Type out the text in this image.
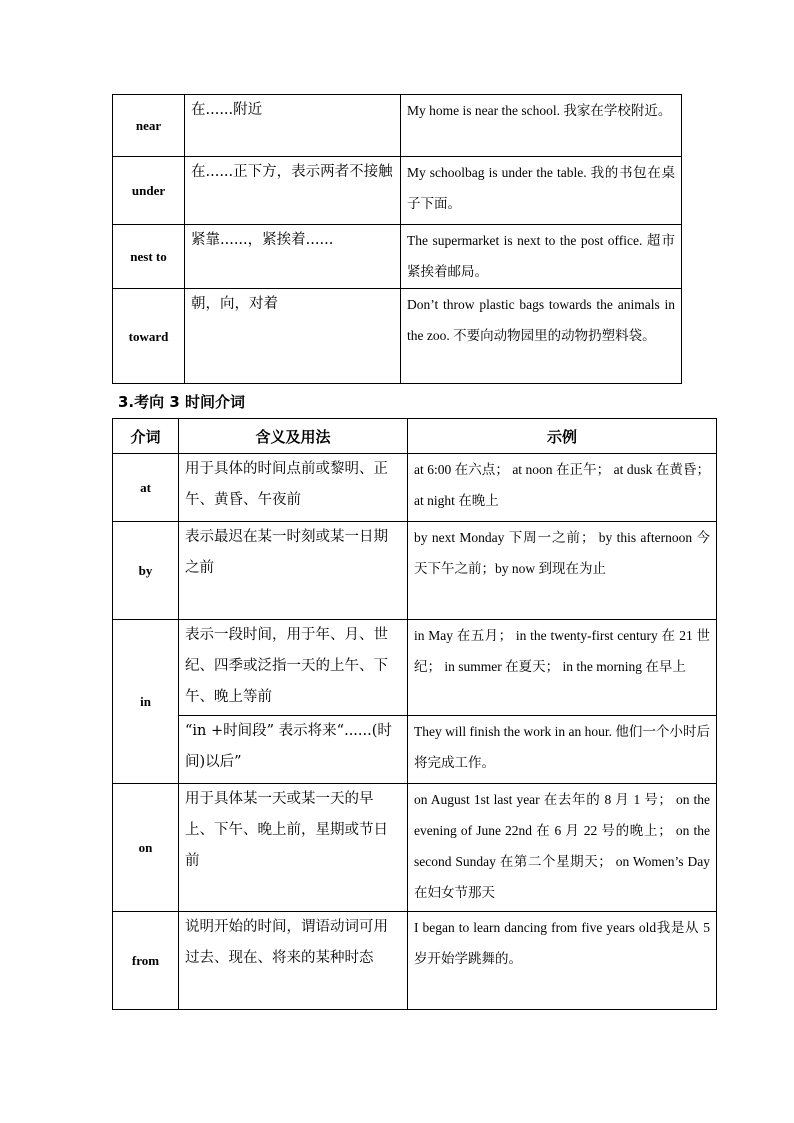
near	在......附近	My home is near the school. 我家在学校附近。
under	在......正下方，表示两者不接触	My schoolbag is under the table. 我的书包在桌子下面。
nest to	紧靠......，紧挨着......	The supermarket is next to the post office. 超市紧挨着邮局。
toward	朝，向，对着	Don’t throw plastic bags towards the animals in the zoo. 不要向动物园里的动物扔塑料袋。
3.考向 3 时间介词
介词	含义及用法	示例
at	用于具体的时间点前或黎明、正午、黄昏、午夜前	at 6:00 在六点； at noon 在正午； at dusk 在黄昏；at night 在晚上
by	表示最迟在某一时刻或某一日期之前	by next Monday 下周一之前； by this afternoon 今天下午之前；by now 到现在为止
in	表示一段时间，用于年、月、世纪、四季或泛指一天的上午、下午、晚上等前	in May 在五月； in the twenty-first century 在 21 世纪； in summer 在夏天； in the morning 在早上
	“in +时间段” 表示将来“......(时间)以后”	They will finish the work in an hour. 他们一个小时后将完成工作。
on	用于具体某一天或某一天的早上、下午、晚上前，星期或节日前	on August 1st last year 在去年的 8 月 1 号； on the evening of June 22nd 在 6 月 22 号的晚上； on the second Sunday 在第二个星期天； on Women’s Day 在妇女节那天
from	说明开始的时间，谓语动词可用过去、现在、将来的某种时态	I began to learn dancing from five years old我是从 5 岁开始学跳舞的。
